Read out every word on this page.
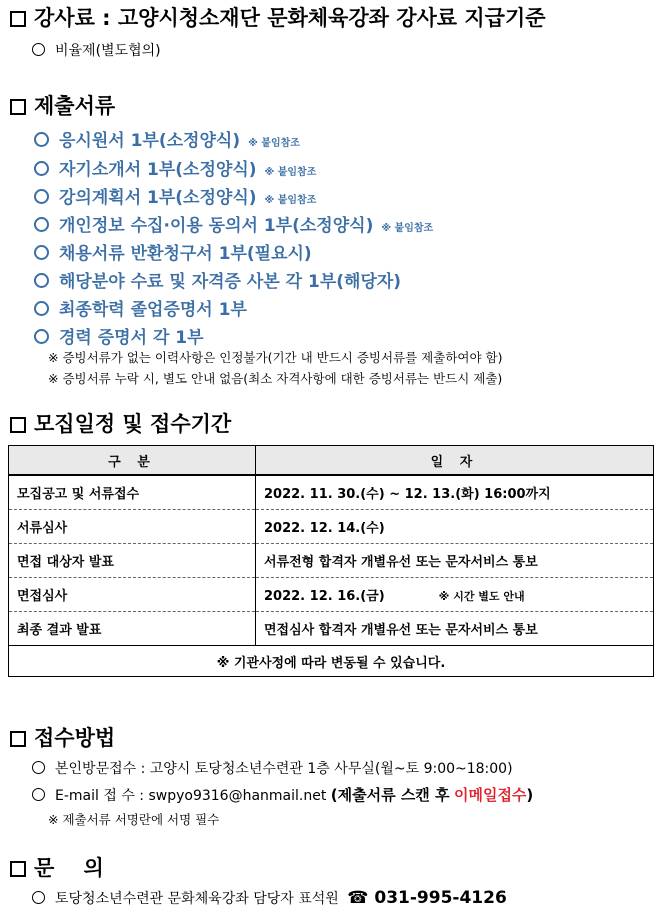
강사료 : 고양시청소재단 문화체육강좌 강사료 지급기준
비율제(별도협의)
제출서류
응시원서 1부(소정양식) ※ 붙임참조
자기소개서 1부(소정양식) ※ 붙임참조
강의계획서 1부(소정양식) ※ 붙임참조
개인정보 수집·이용 동의서 1부(소정양식) ※ 붙임참조
채용서류 반환청구서 1부(필요시)
해당분야 수료 및 자격증 사본 각 1부(해당자)
최종학력 졸업증명서 1부
경력 증명서 각 1부
※ 증빙서류가 없는 이력사항은 인정불가(기간 내 반드시 증빙서류를 제출하여야 함)
※ 증빙서류 누락 시, 별도 안내 없음(최소 자격사항에 대한 증빙서류는 반드시 제출)
모집일정 및 접수기간
구 분	일 자
모집공고 및 서류접수	2022. 11. 30.(수) ~ 12. 13.(화) 16:00까지
서류심사	2022. 12. 14.(수)
면접 대상자 발표	서류전형 합격자 개별유선 또는 문자서비스 통보
면접심사	2022. 12. 16.(금) ※ 시간 별도 안내
최종 결과 발표	면접심사 합격자 개별유선 또는 문자서비스 통보
※ 기관사정에 따라 변동될 수 있습니다.	
접수방법
본인방문접수 : 고양시 토당청소년수련관 1층 사무실(월~토 9:00~18:00)
E-mail 접 수 : swpyo9316@hanmail.net (제출서류 스캔 후 이메일접수)
※ 제출서류 서명란에 서명 필수
문    의
토당청소년수련관 문화체육강좌 담당자 표석원 ☎ 031-995-4126
